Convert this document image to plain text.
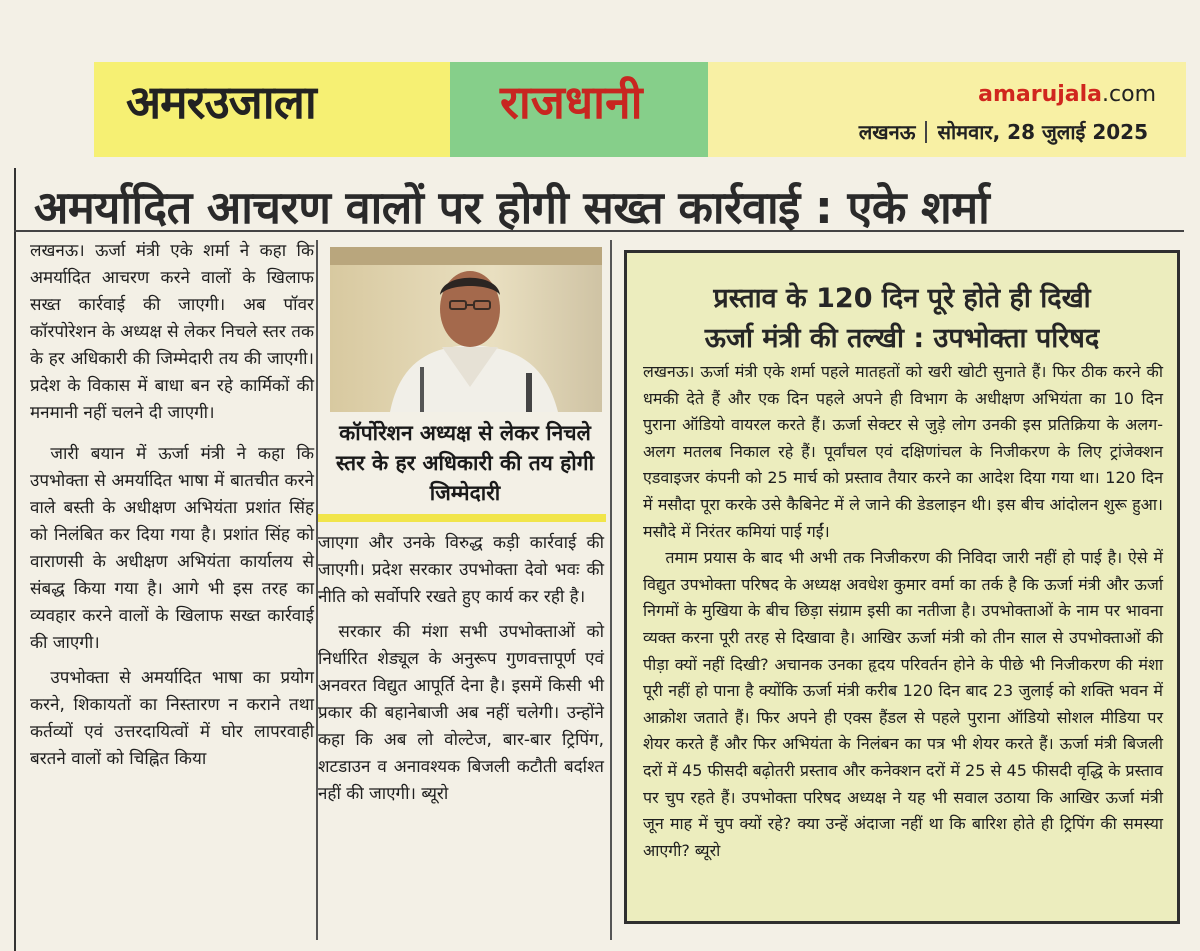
अमरउजाला	राजधानी	amarujala.com
लखनऊ सोमवार, 28 जुलाई 2025
अमर्यादित आचरण वालों पर होगी सख्त कार्रवाई : एके शर्मा

लखनऊ। ऊर्जा मंत्री एके शर्मा ने कहा कि अमर्यादित आचरण करने वालों के खिलाफ सख्त कार्रवाई की जाएगी। अब पॉवर कॉरपोरेशन के अध्यक्ष से लेकर निचले स्तर तक के हर अधिकारी की जिम्मेदारी तय की जाएगी। प्रदेश के विकास में बाधा बन रहे कार्मिकों की मनमानी नहीं चलने दी जाएगी।

जारी बयान में ऊर्जा मंत्री ने कहा कि उपभोक्ता से अमर्यादित भाषा में बातचीत करने वाले बस्ती के अधीक्षण अभियंता प्रशांत सिंह को निलंबित कर दिया गया है। प्रशांत सिंह को वाराणसी के अधीक्षण अभियंता कार्यालय से संबद्ध किया गया है। आगे भी इस तरह का व्यवहार करने वालों के खिलाफ सख्त कार्रवाई की जाएगी।

उपभोक्ता से अमर्यादित भाषा का प्रयोग करने, शिकायतों का निस्तारण न कराने तथा कर्तव्यों एवं उत्तरदायित्वों में घोर लापरवाही बरतने वालों को चिह्नित किया

कॉर्पोरेशन अध्यक्ष से लेकर निचले स्तर के हर अधिकारी की तय होगी जिम्मेदारी

जाएगा और उनके विरुद्ध कड़ी कार्रवाई की जाएगी। प्रदेश सरकार उपभोक्ता देवो भवः की नीति को सर्वोपरि रखते हुए कार्य कर रही है।

सरकार की मंशा सभी उपभोक्ताओं को निर्धारित शेड्यूल के अनुरूप गुणवत्तापूर्ण एवं अनवरत विद्युत आपूर्ति देना है। इसमें किसी भी प्रकार की बहानेबाजी अब नहीं चलेगी। उन्होंने कहा कि अब लो वोल्टेज, बार-बार ट्रिपिंग, शटडाउन व अनावश्यक बिजली कटौती बर्दाश्त नहीं की जाएगी। ब्यूरो

प्रस्ताव के 120 दिन पूरे होते ही दिखी
ऊर्जा मंत्री की तल्खी : उपभोक्ता परिषद

लखनऊ। ऊर्जा मंत्री एके शर्मा पहले मातहतों को खरी खोटी सुनाते हैं। फिर ठीक करने की धमकी देते हैं और एक दिन पहले अपने ही विभाग के अधीक्षण अभियंता का 10 दिन पुराना ऑडियो वायरल करते हैं। ऊर्जा सेक्टर से जुड़े लोग उनकी इस प्रतिक्रिया के अलग-अलग मतलब निकाल रहे हैं। पूर्वांचल एवं दक्षिणांचल के निजीकरण के लिए ट्रांजेक्शन एडवाइजर कंपनी को 25 मार्च को प्रस्ताव तैयार करने का आदेश दिया गया था। 120 दिन में मसौदा पूरा करके उसे कैबिनेट में ले जाने की डेडलाइन थी। इस बीच आंदोलन शुरू हुआ। मसौदे में निरंतर कमियां पाई गईं।

तमाम प्रयास के बाद भी अभी तक निजीकरण की निविदा जारी नहीं हो पाई है। ऐसे में विद्युत उपभोक्ता परिषद के अध्यक्ष अवधेश कुमार वर्मा का तर्क है कि ऊर्जा मंत्री और ऊर्जा निगमों के मुखिया के बीच छिड़ा संग्राम इसी का नतीजा है। उपभोक्ताओं के नाम पर भावना व्यक्त करना पूरी तरह से दिखावा है। आखिर ऊर्जा मंत्री को तीन साल से उपभोक्ताओं की पीड़ा क्यों नहीं दिखी? अचानक उनका हृदय परिवर्तन होने के पीछे भी निजीकरण की मंशा पूरी नहीं हो पाना है क्योंकि ऊर्जा मंत्री करीब 120 दिन बाद 23 जुलाई को शक्ति भवन में आक्रोश जताते हैं। फिर अपने ही एक्स हैंडल से पहले पुराना ऑडियो सोशल मीडिया पर शेयर करते हैं और फिर अभियंता के निलंबन का पत्र भी शेयर करते हैं। ऊर्जा मंत्री बिजली दरों में 45 फीसदी बढ़ोतरी प्रस्ताव और कनेक्शन दरों में 25 से 45 फीसदी वृद्धि के प्रस्ताव पर चुप रहते हैं। उपभोक्ता परिषद अध्यक्ष ने यह भी सवाल उठाया कि आखिर ऊर्जा मंत्री जून माह में चुप क्यों रहे? क्या उन्हें अंदाजा नहीं था कि बारिश होते ही ट्रिपिंग की समस्या आएगी? ब्यूरो
